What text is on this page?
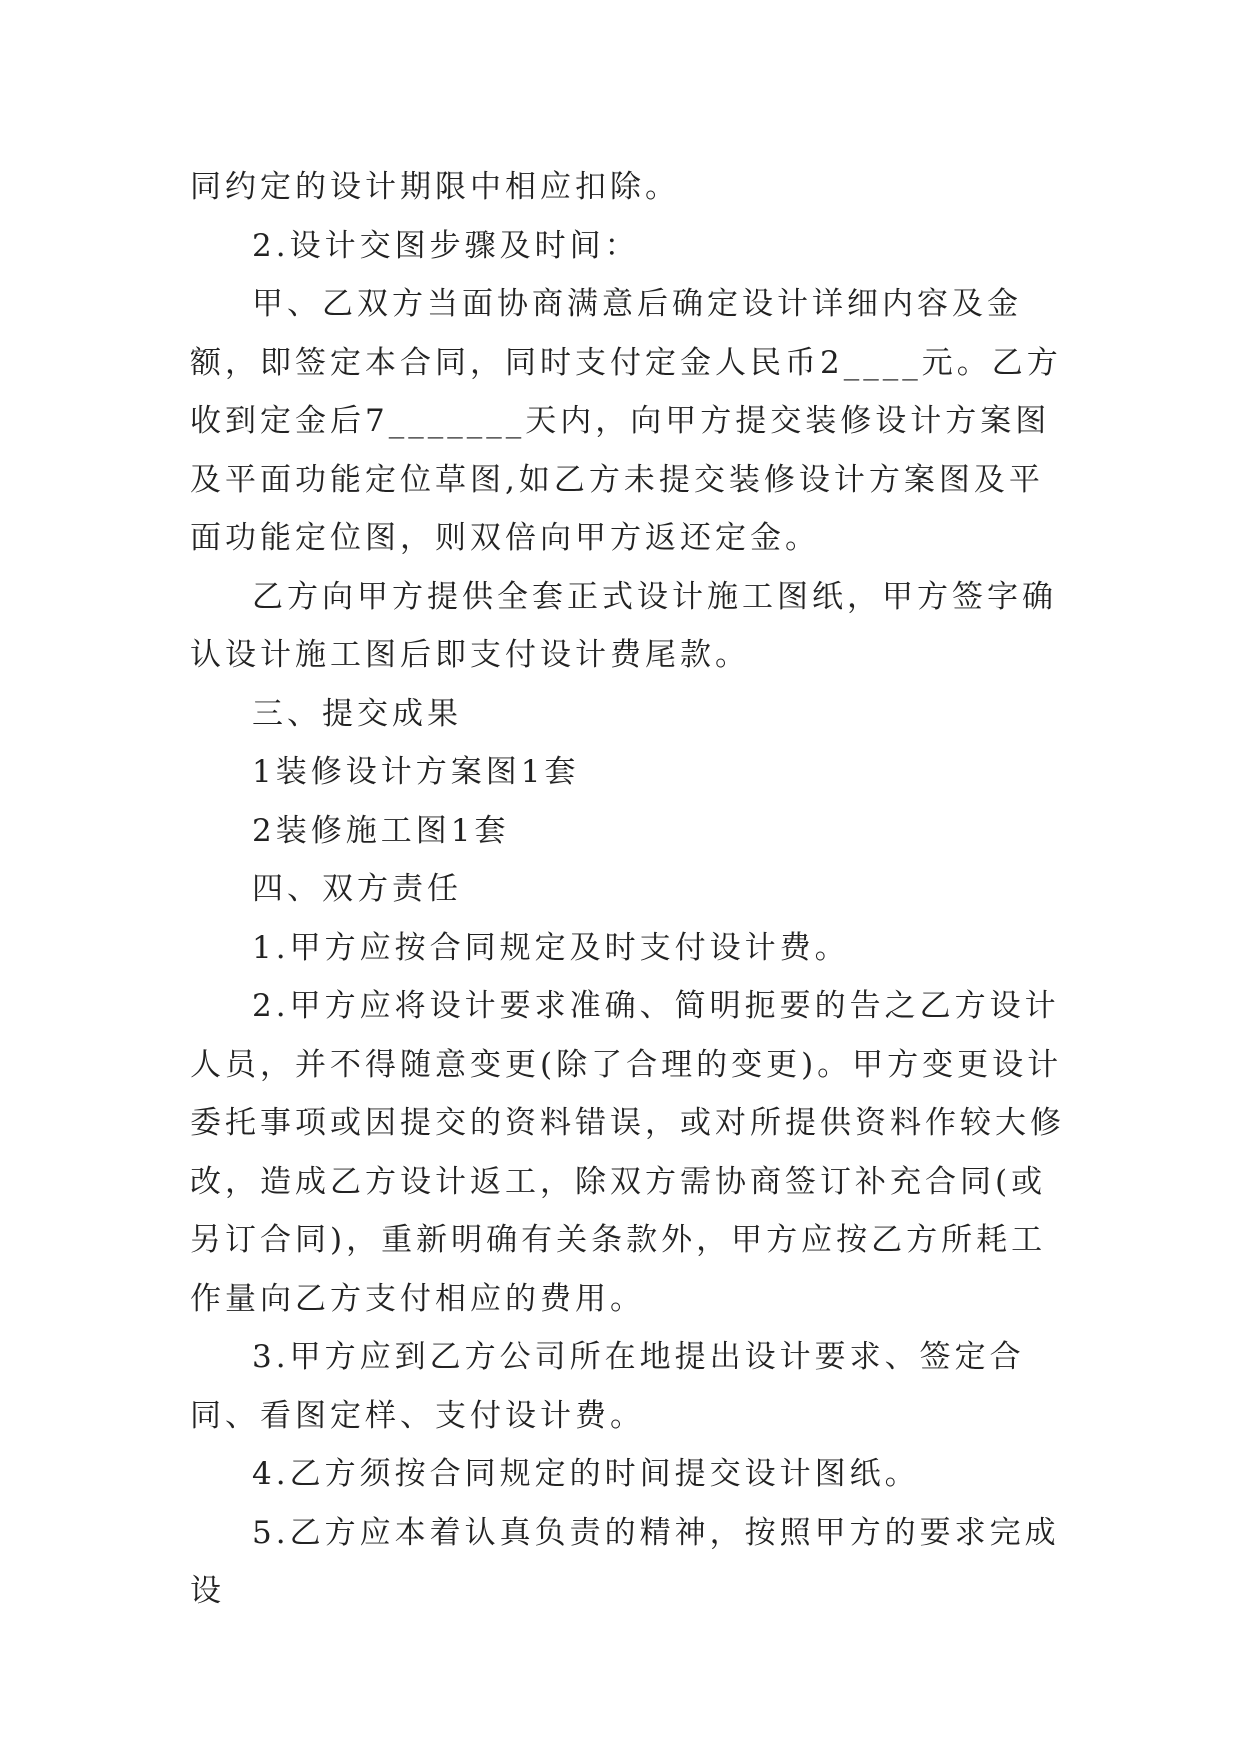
同约定的设计期限中相应扣除。

2.设计交图步骤及时间：

甲、乙双方当面协商满意后确定设计详细内容及金额，即签定本合同，同时支付定金人民币2____元。乙方收到定金后7_______天内，向甲方提交装修设计方案图及平面功能定位草图,如乙方未提交装修设计方案图及平面功能定位图，则双倍向甲方返还定金。

乙方向甲方提供全套正式设计施工图纸，甲方签字确认设计施工图后即支付设计费尾款。

三、提交成果

1装修设计方案图1套

2装修施工图1套

四、双方责任

1.甲方应按合同规定及时支付设计费。

2.甲方应将设计要求准确、简明扼要的告之乙方设计人员，并不得随意变更(除了合理的变更)。甲方变更设计委托事项或因提交的资料错误，或对所提供资料作较大修改，造成乙方设计返工，除双方需协商签订补充合同(或另订合同)，重新明确有关条款外，甲方应按乙方所耗工作量向乙方支付相应的费用。

3.甲方应到乙方公司所在地提出设计要求、签定合同、看图定样、支付设计费。

4.乙方须按合同规定的时间提交设计图纸。

5.乙方应本着认真负责的精神，按照甲方的要求完成设
